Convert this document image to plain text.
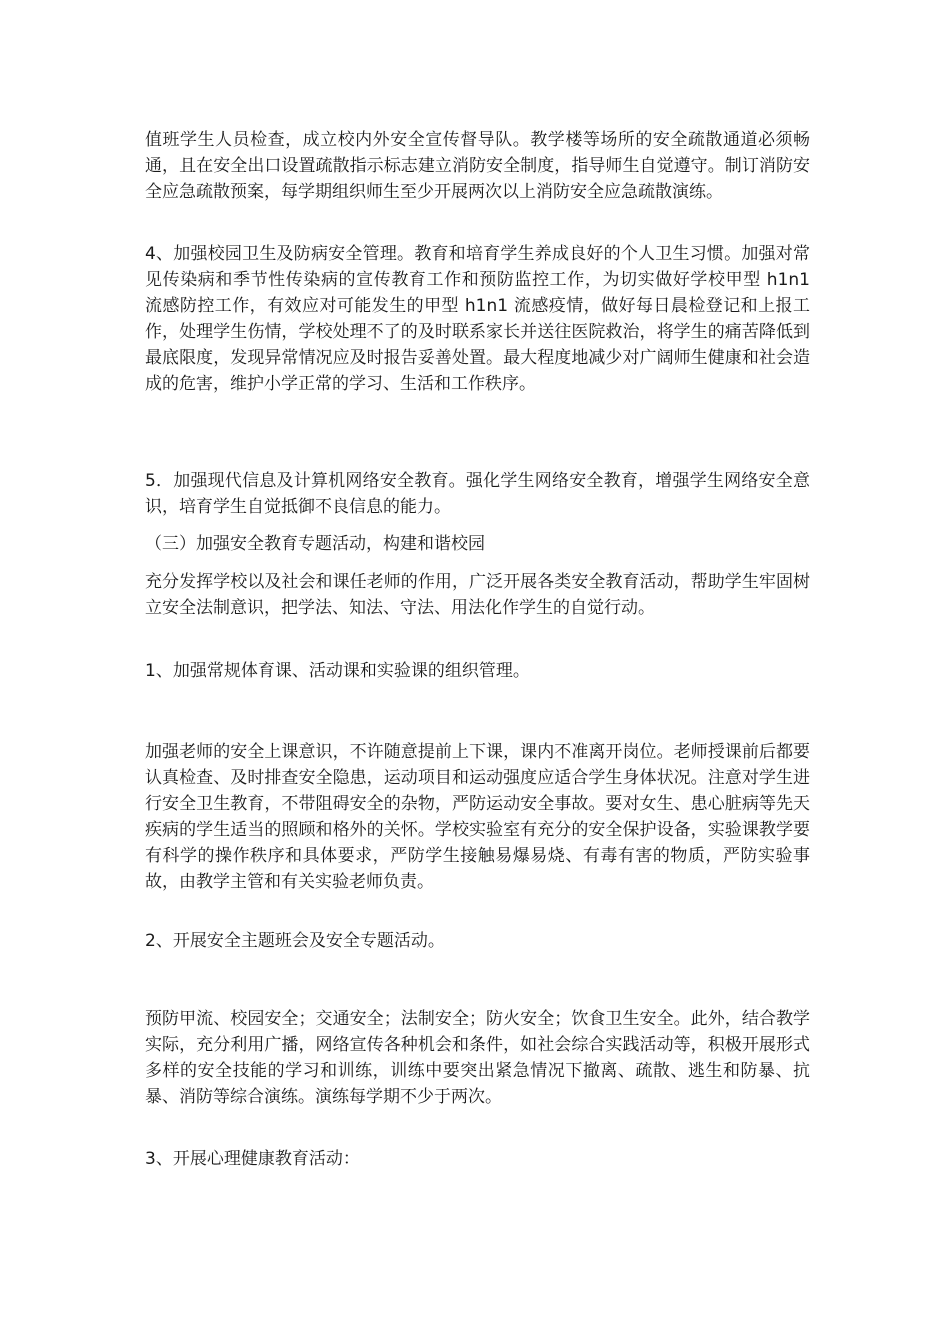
值班学生人员检查，成立校内外安全宣传督导队。教学楼等场所的安全疏散通道必须畅通，且在安全出口设置疏散指示标志建立消防安全制度，指导师生自觉遵守。制订消防安全应急疏散预案，每学期组织师生至少开展两次以上消防安全应急疏散演练。

4、加强校园卫生及防病安全管理。教育和培育学生养成良好的个人卫生习惯。加强对常见传染病和季节性传染病的宣传教育工作和预防监控工作，为切实做好学校甲型 h1n1 流感防控工作，有效应对可能发生的甲型 h1n1 流感疫情，做好每日晨检登记和上报工作，处理学生伤情，学校处理不了的及时联系家长并送往医院救治，将学生的痛苦降低到最底限度，发现异常情况应及时报告妥善处置。最大程度地减少对广阔师生健康和社会造成的危害，维护小学正常的学习、生活和工作秩序。

5．加强现代信息及计算机网络安全教育。强化学生网络安全教育，增强学生网络安全意识，培育学生自觉抵御不良信息的能力。

（三）加强安全教育专题活动，构建和谐校园

充分发挥学校以及社会和课任老师的作用，广泛开展各类安全教育活动，帮助学生牢固树立安全法制意识，把学法、知法、守法、用法化作学生的自觉行动。

1、加强常规体育课、活动课和实验课的组织管理。

加强老师的安全上课意识，不许随意提前上下课，课内不准离开岗位。老师授课前后都要认真检查、及时排查安全隐患，运动项目和运动强度应适合学生身体状况。注意对学生进行安全卫生教育，不带阻碍安全的杂物，严防运动安全事故。要对女生、患心脏病等先天疾病的学生适当的照顾和格外的关怀。学校实验室有充分的安全保护设备，实验课教学要有科学的操作秩序和具体要求，严防学生接触易爆易烧、有毒有害的物质，严防实验事故，由教学主管和有关实验老师负责。

2、开展安全主题班会及安全专题活动。

预防甲流、校园安全；交通安全；法制安全；防火安全；饮食卫生安全。此外，结合教学实际，充分利用广播，网络宣传各种机会和条件，如社会综合实践活动等，积极开展形式多样的安全技能的学习和训练，训练中要突出紧急情况下撤离、疏散、逃生和防暴、抗暴、消防等综合演练。演练每学期不少于两次。

3、开展心理健康教育活动：
